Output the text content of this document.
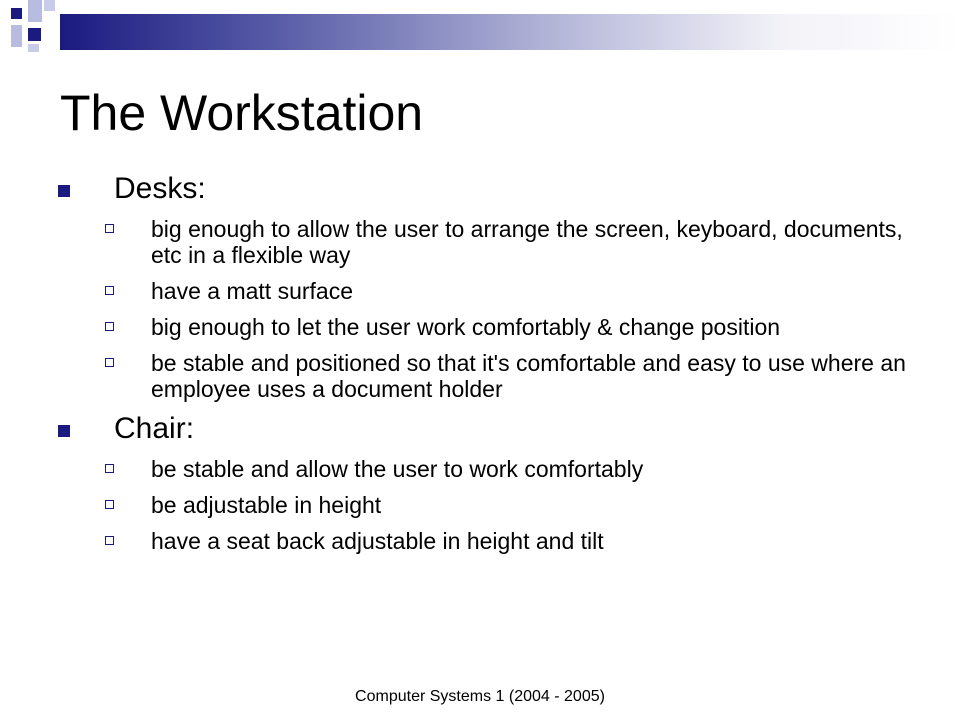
The Workstation
Desks:
big enough to allow the user to arrange the screen, keyboard, documents, etc in a flexible way
have a matt surface
big enough to let the user work comfortably & change position
be stable and positioned so that it's comfortable and easy to use where an employee uses a document holder
Chair:
be stable and allow the user to work comfortably
be adjustable in height
have a seat back adjustable in height and tilt
Computer Systems 1 (2004 - 2005)
